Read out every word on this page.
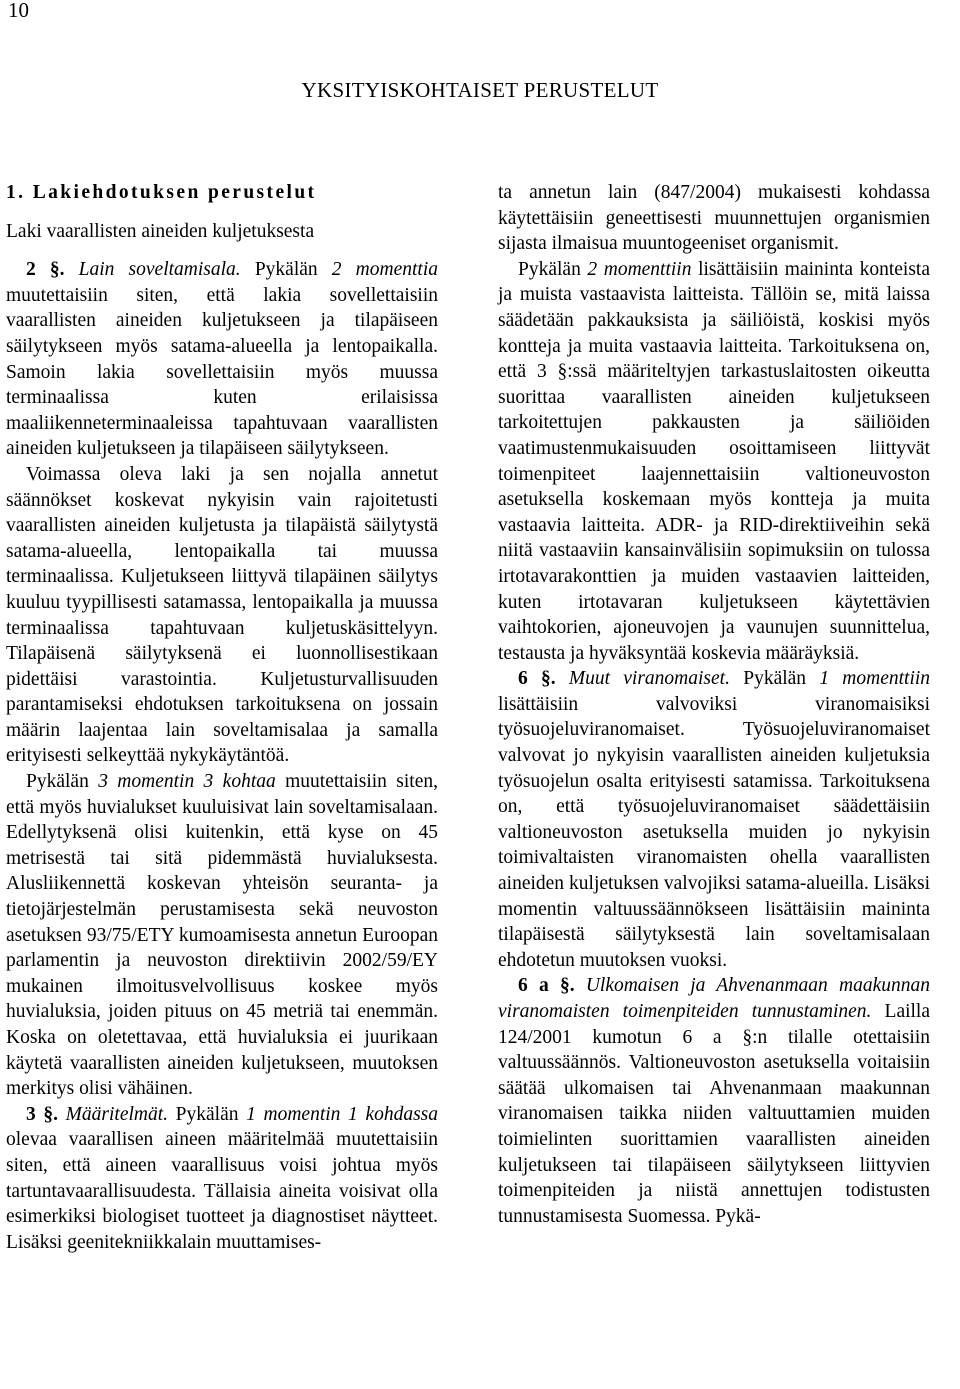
10
YKSITYISKOHTAISET PERUSTELUT

1. Lakiehdotuksen perustelut

Laki vaarallisten aineiden kuljetuksesta

2 §. Lain soveltamisala. Pykälän 2 momenttia muutettaisiin siten, että lakia sovellettaisiin vaarallisten aineiden kuljetukseen ja tilapäiseen säilytykseen myös satama-alueella ja lentopaikalla. Samoin lakia sovellettaisiin myös muussa terminaalissa kuten erilaisissa maaliikenneterminaaleissa tapahtuvaan vaarallisten aineiden kuljetukseen ja tilapäiseen säilytykseen.

Voimassa oleva laki ja sen nojalla annetut säännökset koskevat nykyisin vain rajoitetusti vaarallisten aineiden kuljetusta ja tilapäistä säilytystä satama-alueella, lentopaikalla tai muussa terminaalissa. Kuljetukseen liittyvä tilapäinen säilytys kuuluu tyypillisesti satamassa, lentopaikalla ja muussa terminaalissa tapahtuvaan kuljetuskäsittelyyn. Tilapäisenä säilytyksenä ei luonnollisestikaan pidettäisi varastointia. Kuljetusturvallisuuden parantamiseksi ehdotuksen tarkoituksena on jossain määrin laajentaa lain soveltamisalaa ja samalla erityisesti selkeyttää nykykäytäntöä.

Pykälän 3 momentin 3 kohtaa muutettaisiin siten, että myös huvialukset kuuluisivat lain soveltamisalaan. Edellytyksenä olisi kuitenkin, että kyse on 45 metrisestä tai sitä pidemmästä huvialuksesta. Alusliikennettä koskevan yhteisön seuranta- ja tietojärjestelmän perustamisesta sekä neuvoston asetuksen 93/75/ETY kumoamisesta annetun Euroopan parlamentin ja neuvoston direktiivin 2002/59/EY mukainen ilmoitusvelvollisuus koskee myös huvialuksia, joiden pituus on 45 metriä tai enemmän. Koska on oletettavaa, että huvialuksia ei juurikaan käytetä vaarallisten aineiden kuljetukseen, muutoksen merkitys olisi vähäinen.

3 §. Määritelmät. Pykälän 1 momentin 1 kohdassa olevaa vaarallisen aineen määritelmää muutettaisiin siten, että aineen vaarallisuus voisi johtua myös tartuntavaarallisuudesta. Tällaisia aineita voisivat olla esimerkiksi biologiset tuotteet ja diagnostiset näytteet. Lisäksi geenitekniikkalain muuttamises-

ta annetun lain (847/2004) mukaisesti kohdassa käytettäisiin geneettisesti muunnettujen organismien sijasta ilmaisua muuntogeeniset organismit.

Pykälän 2 momenttiin lisättäisiin maininta konteista ja muista vastaavista laitteista. Tällöin se, mitä laissa säädetään pakkauksista ja säiliöistä, koskisi myös kontteja ja muita vastaavia laitteita. Tarkoituksena on, että 3 §:ssä määriteltyjen tarkastuslaitosten oikeutta suorittaa vaarallisten aineiden kuljetukseen tarkoitettujen pakkausten ja säiliöiden vaatimustenmukaisuuden osoittamiseen liittyvät toimenpiteet laajennettaisiin valtioneuvoston asetuksella koskemaan myös kontteja ja muita vastaavia laitteita. ADR- ja RID-direktiiveihin sekä niitä vastaaviin kansainvälisiin sopimuksiin on tulossa irtotavarakonttien ja muiden vastaavien laitteiden, kuten irtotavaran kuljetukseen käytettävien vaihtokorien, ajoneuvojen ja vaunujen suunnittelua, testausta ja hyväksyntää koskevia määräyksiä.

6 §. Muut viranomaiset. Pykälän 1 momenttiin lisättäisiin valvoviksi viranomaisiksi työsuojeluviranomaiset. Työsuojeluviranomaiset valvovat jo nykyisin vaarallisten aineiden kuljetuksia työsuojelun osalta erityisesti satamissa. Tarkoituksena on, että työsuojeluviranomaiset säädettäisiin valtioneuvoston asetuksella muiden jo nykyisin toimivaltaisten viranomaisten ohella vaarallisten aineiden kuljetuksen valvojiksi satama-alueilla. Lisäksi momentin valtuussäännökseen lisättäisiin maininta tilapäisestä säilytyksestä lain soveltamisalaan ehdotetun muutoksen vuoksi.

6 a §. Ulkomaisen ja Ahvenanmaan maakunnan viranomaisten toimenpiteiden tunnustaminen. Lailla 124/2001 kumotun 6 a §:n tilalle otettaisiin valtuussäännös. Valtioneuvoston asetuksella voitaisiin säätää ulkomaisen tai Ahvenanmaan maakunnan viranomaisen taikka niiden valtuuttamien muiden toimielinten suorittamien vaarallisten aineiden kuljetukseen tai tilapäiseen säilytykseen liittyvien toimenpiteiden ja niistä annettujen todistusten tunnustamisesta Suomessa. Pykä-
